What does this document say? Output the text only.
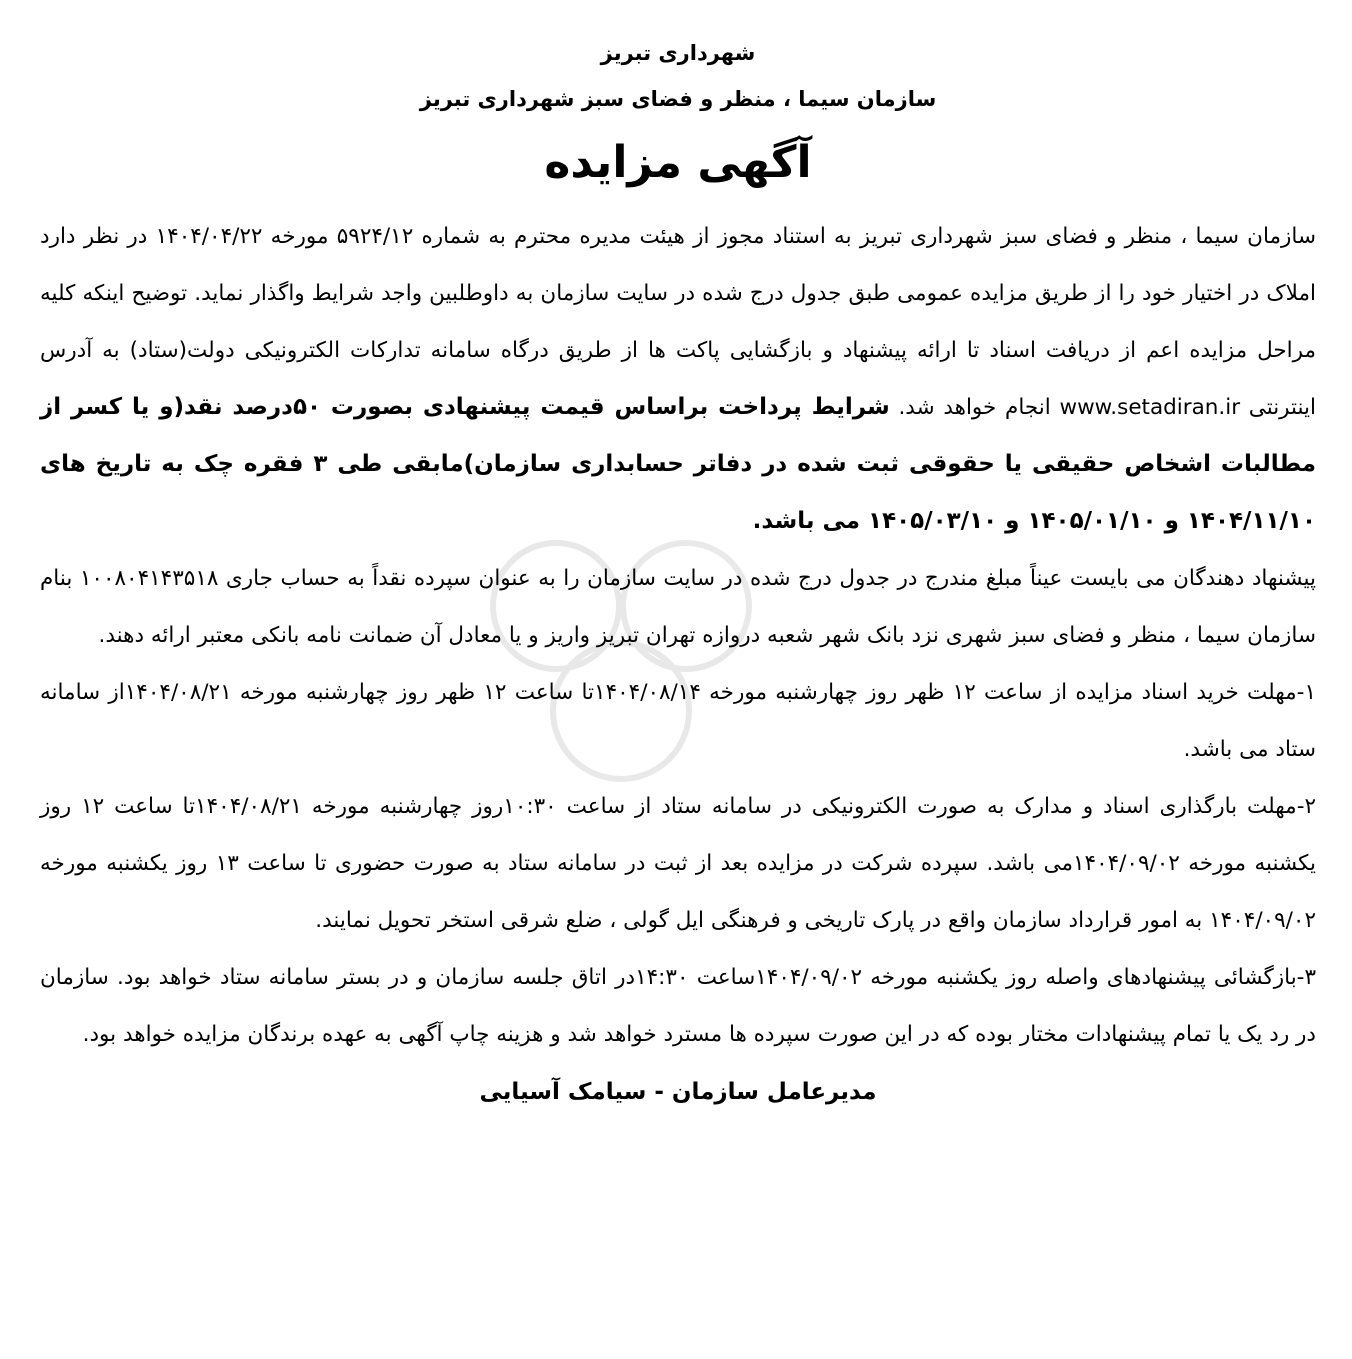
شهرداری تبریز
سازمان سیما ، منظر و فضای سبز شهرداری تبریز
آگهی مزایده

سازمان سیما ، منظر و فضای سبز شهرداری تبریز به استناد مجوز از هیئت مدیره محترم به شماره ۵۹۲۴/۱۲ مورخه ۱۴۰۴/۰۴/۲۲ در نظر دارد املاک در اختیار خود را از طریق مزایده عمومی طبق جدول درج شده در سایت سازمان به داوطلبین واجد شرایط واگذار نماید. توضیح اینکه کلیه مراحل مزایده اعم از دریافت اسناد تا ارائه پیشنهاد و بازگشایی پاکت ها از طریق درگاه سامانه تدارکات الکترونیکی دولت(ستاد) به آدرس اینترنتی www.setadiran.ir انجام خواهد شد. شرایط پرداخت براساس قیمت پیشنهادی بصورت ۵۰درصد نقد(و یا کسر از مطالبات اشخاص حقیقی یا حقوقی ثبت شده در دفاتر حسابداری سازمان)مابقی طی ۳ فقره چک به تاریخ های ۱۴۰۴/۱۱/۱۰ و ۱۴۰۵/۰۱/۱۰ و ۱۴۰۵/۰۳/۱۰ می باشد.

پیشنهاد دهندگان می بایست عیناً مبلغ مندرج در جدول درج شده در سایت سازمان را به عنوان سپرده نقداً به حساب جاری ۱۰۰۸۰۴۱۴۳۵۱۸ بنام سازمان سیما ، منظر و فضای سبز شهری نزد بانک شهر شعبه دروازه تهران تبریز واریز و یا معادل آن ضمانت نامه بانکی معتبر ارائه دهند.

۱-مهلت خرید اسناد مزایده از ساعت ۱۲ ظهر روز چهارشنبه مورخه ۱۴۰۴/۰۸/۱۴تا ساعت ۱۲ ظهر روز چهارشنبه مورخه ۱۴۰۴/۰۸/۲۱از سامانه ستاد می باشد.

۲-مهلت بارگذاری اسناد و مدارک به صورت الکترونیکی در سامانه ستاد از ساعت ۱۰:۳۰روز چهارشنبه مورخه ۱۴۰۴/۰۸/۲۱تا ساعت ۱۲ روز یکشنبه مورخه ۱۴۰۴/۰۹/۰۲می باشد. سپرده شرکت در مزایده بعد از ثبت در سامانه ستاد به صورت حضوری تا ساعت ۱۳ روز یکشنبه مورخه ۱۴۰۴/۰۹/۰۲ به امور قرارداد سازمان واقع در پارک تاریخی و فرهنگی ایل گولی ، ضلع شرقی استخر تحویل نمایند.

۳-بازگشائی پیشنهادهای واصله روز یکشنبه مورخه ۱۴۰۴/۰۹/۰۲ساعت ۱۴:۳۰در اتاق جلسه سازمان و در بستر سامانه ستاد خواهد بود. سازمان در رد یک یا تمام پیشنهادات مختار بوده که در این صورت سپرده ها مسترد خواهد شد و هزینه چاپ آگهی به عهده برندگان مزایده خواهد بود.

مدیرعامل سازمان - سیامک آسیایی
